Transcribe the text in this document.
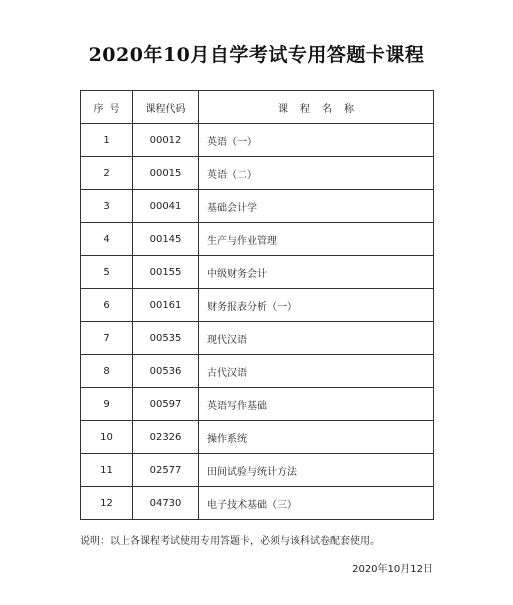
2020年10月自学考试专用答题卡课程
序号	课程代码	课程名称
1	00012	英语（一）
2	00015	英语（二）
3	00041	基础会计学
4	00145	生产与作业管理
5	00155	中级财务会计
6	00161	财务报表分析（一）
7	00535	现代汉语
8	00536	古代汉语
9	00597	英语写作基础
10	02326	操作系统
11	02577	田间试验与统计方法
12	04730	电子技术基础（三）
说明：以上各课程考试使用专用答题卡，必须与该科试卷配套使用。
2020年10月12日
